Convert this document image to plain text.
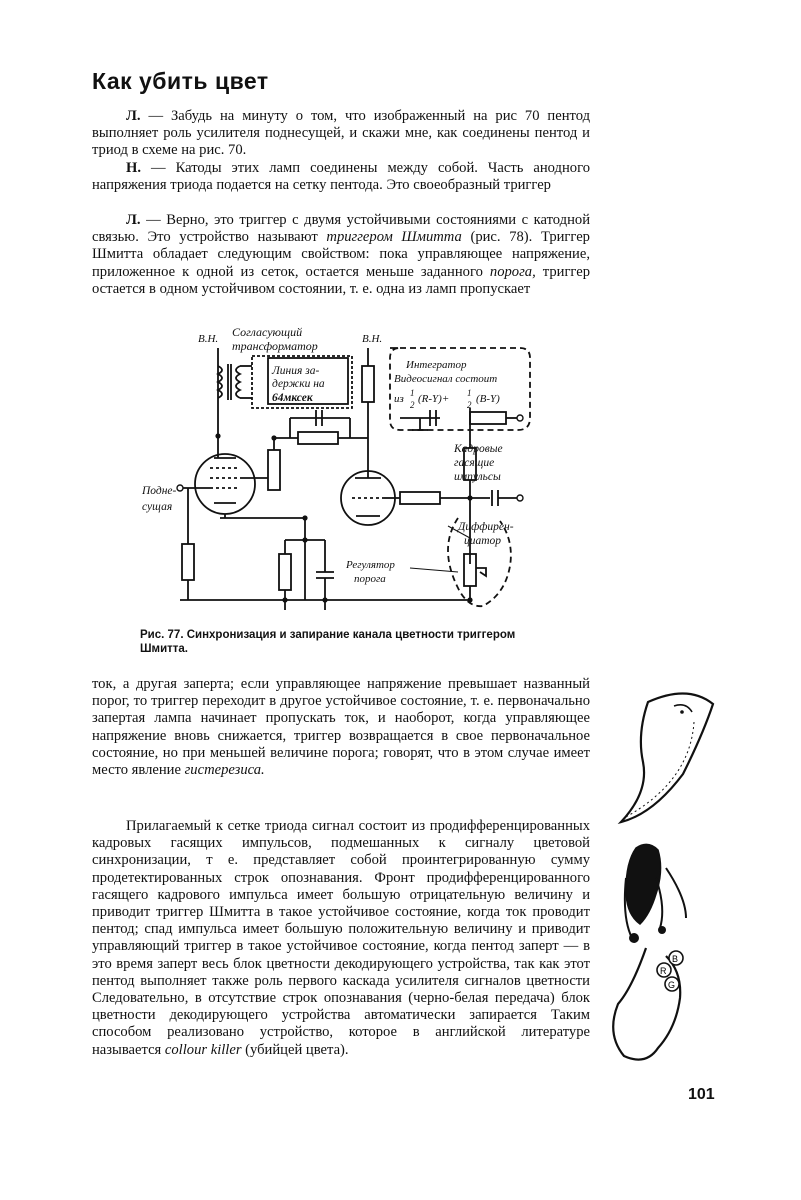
Как убить цвет

Л. — Забудь на минуту о том, что изображенный на рис 70 пентод выполняет роль усилителя поднесущей, и скажи мне, как соединены пентод и триод в схеме на рис. 70.

Н. — Катоды этих ламп соединены между собой. Часть анодного напряжения триода подается на сетку пентода. Это своеобразный триггер

Л. — Верно, это триггер с двумя устойчивыми состояниями с катодной связью. Это устройство называют триггером Шмитта (рис. 78). Триггер Шмитта обладает следующим свойством: пока управляющее напряжение, приложенное к одной из сеток, остается меньше заданного порога, триггер остается в одном устойчивом состоянии, т. е. одна из ламп пропускает

В.Н.	В.Н.
Согласующий
трансформатор
Линия за-
держки на
64мксек
Интегратор
Видеосигнал состоит
из 1
2 (R-Y)+ 1
2 (B-Y)
Кадровые
гасящие
импульсы
Подне-
сущая
Диффирен-
циатор
Регулятор
порога
Рис. 77. Синхронизация и запирание канала цветности триггером Шмитта.

ток, а другая заперта; если управляющее напряжение превышает названный порог, то триггер переходит в другое устойчивое состояние, т. е. первоначально запертая лампа начинает пропускать ток, и наоборот, когда управляющее напряжение вновь снижается, триггер возвращается в свое первоначальное состояние, но при меньшей величине порога; говорят, что в этом случае имеет место явление гистерезиса.

Прилагаемый к сетке триода сигнал состоит из продифференцированных кадровых гасящих импульсов, подмешанных к сигналу цветовой синхронизации, т е. представляет собой проинтегрированную сумму продетектированных строк опознавания. Фронт продифференцированного гасящего кадрового импульса имеет большую отрицательную величину и приводит триггер Шмитта в такое устойчивое состояние, когда ток проводит пентод; спад импульса имеет большую положительную величину и приводит управляющий триггер в такое устойчивое состояние, когда пентод заперт — в это время заперт весь блок цветности декодирующего устройства, так как этот пентод выполняет также роль первого каскада усилителя сигналов цветности Следовательно, в отсутствие строк опознавания (черно-белая передача) блок цветности декодирующего устройства автоматически запирается Таким способом реализовано устройство, которое в английской литературе называется collour killer (убийцей цвета).

R
B
G
101
